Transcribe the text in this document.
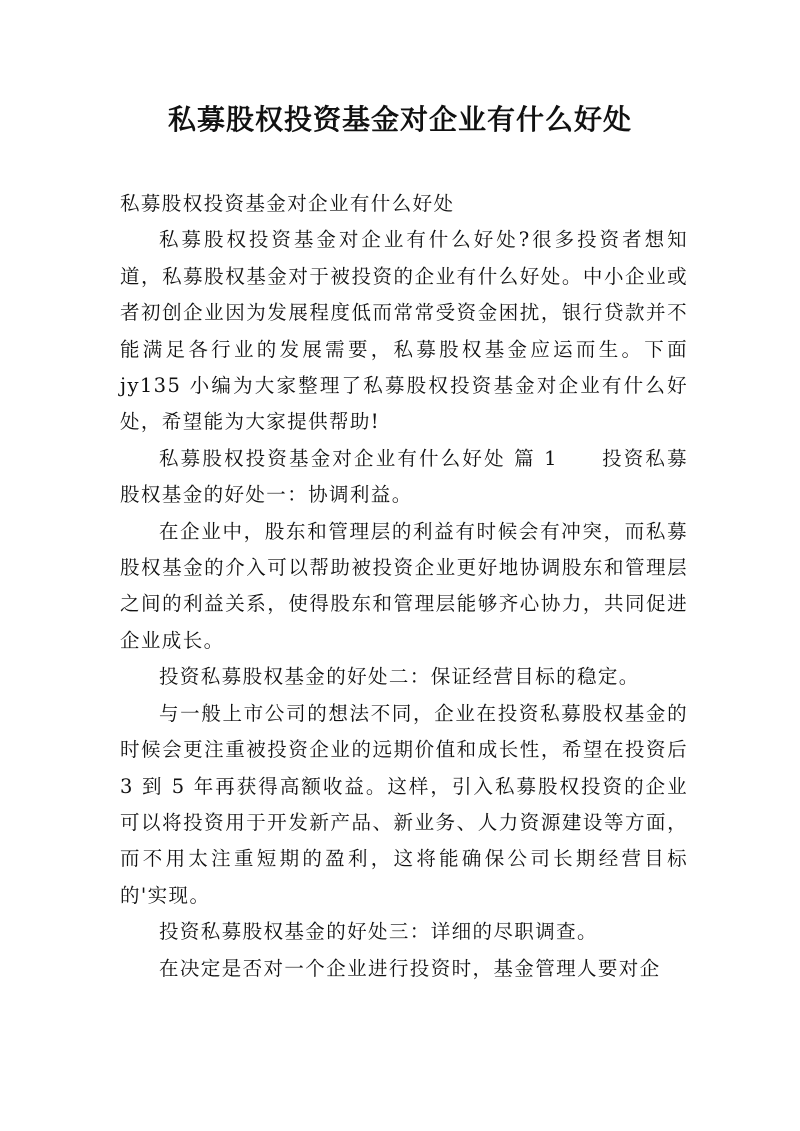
私募股权投资基金对企业有什么好处

私募股权投资基金对企业有什么好处

私募股权投资基金对企业有什么好处?很多投资者想知道，私募股权基金对于被投资的企业有什么好处。中小企业或者初创企业因为发展程度低而常常受资金困扰，银行贷款并不能满足各行业的发展需要，私募股权基金应运而生。下面 jy135 小编为大家整理了私募股权投资基金对企业有什么好处，希望能为大家提供帮助!

私募股权投资基金对企业有什么好处 篇 1　　投资私募股权基金的好处一：协调利益。

在企业中，股东和管理层的利益有时候会有冲突，而私募股权基金的介入可以帮助被投资企业更好地协调股东和管理层之间的利益关系，使得股东和管理层能够齐心协力，共同促进企业成长。

投资私募股权基金的好处二：保证经营目标的稳定。

与一般上市公司的想法不同，企业在投资私募股权基金的时候会更注重被投资企业的远期价值和成长性，希望在投资后 3 到 5 年再获得高额收益。这样，引入私募股权投资的企业可以将投资用于开发新产品、新业务、人力资源建设等方面，而不用太注重短期的盈利，这将能确保公司长期经营目标的'实现。

投资私募股权基金的好处三：详细的尽职调查。

在决定是否对一个企业进行投资时，基金管理人要对企
